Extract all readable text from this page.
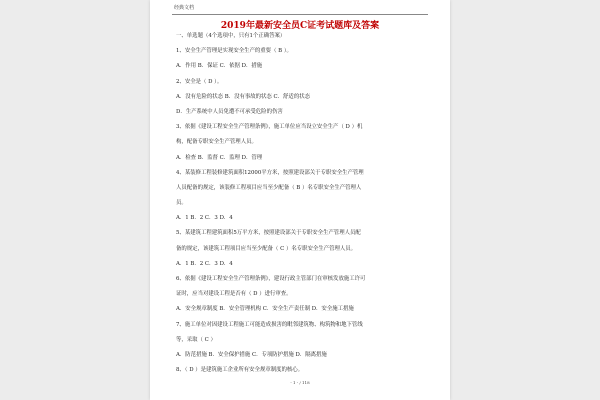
经典文档
2019年最新安全员C证考试题库及答案
一、单选题（4个选项中，只有1个正确答案）
1、安全生产管理是实现安全生产的重要（ B ）。
A．作用 B．保证 C．依据 D．措施
2、安全是（ D ）。
A．没有危险的状态 B．没有事故的状态 C．舒适的状态
D．生产系统中人员免遭不可承受危险的伤害
3、依据《建设工程安全生产管理条例》，施工单位应当设立安全生产（ D ）机
构，配备专职安全生产管理人员。
A．检查 B．监督 C．监理 D．管理
4、某装修工程装修建筑面积12000平方米，按照建设部关于专职安全生产管理
人员配备的规定，该装修工程项目应当至少配备（ B ）名专职安全生产管理人
员。
A．1 B．2 C．3 D．4
5、某建筑工程建筑面积5万平方米，按照建设部关于专职安全生产管理人员配
备的规定，该建筑工程项目应当至少配备（ C ）名专职安全生产管理人员。
A．1 B．2 C．3 D．4
6、依据《建设工程安全生产管理条例》，建设行政主管部门在审核发放施工许可
证时，应当对建设工程是否有（ D ）进行审查。
A．安全规章制度 B．安全管理机构 C．安全生产责任制 D．安全施工措施
7、施工单位对因建设工程施工可能造成损害的毗邻建筑物、构筑物和地下管线
等，采取（ C ）
A．防范措施 B．安全保护措施 C．专项防护措施 D．隔离措施
8、（ D ）是建筑施工企业所有安全规章制度的核心。
- 1 - / 118
